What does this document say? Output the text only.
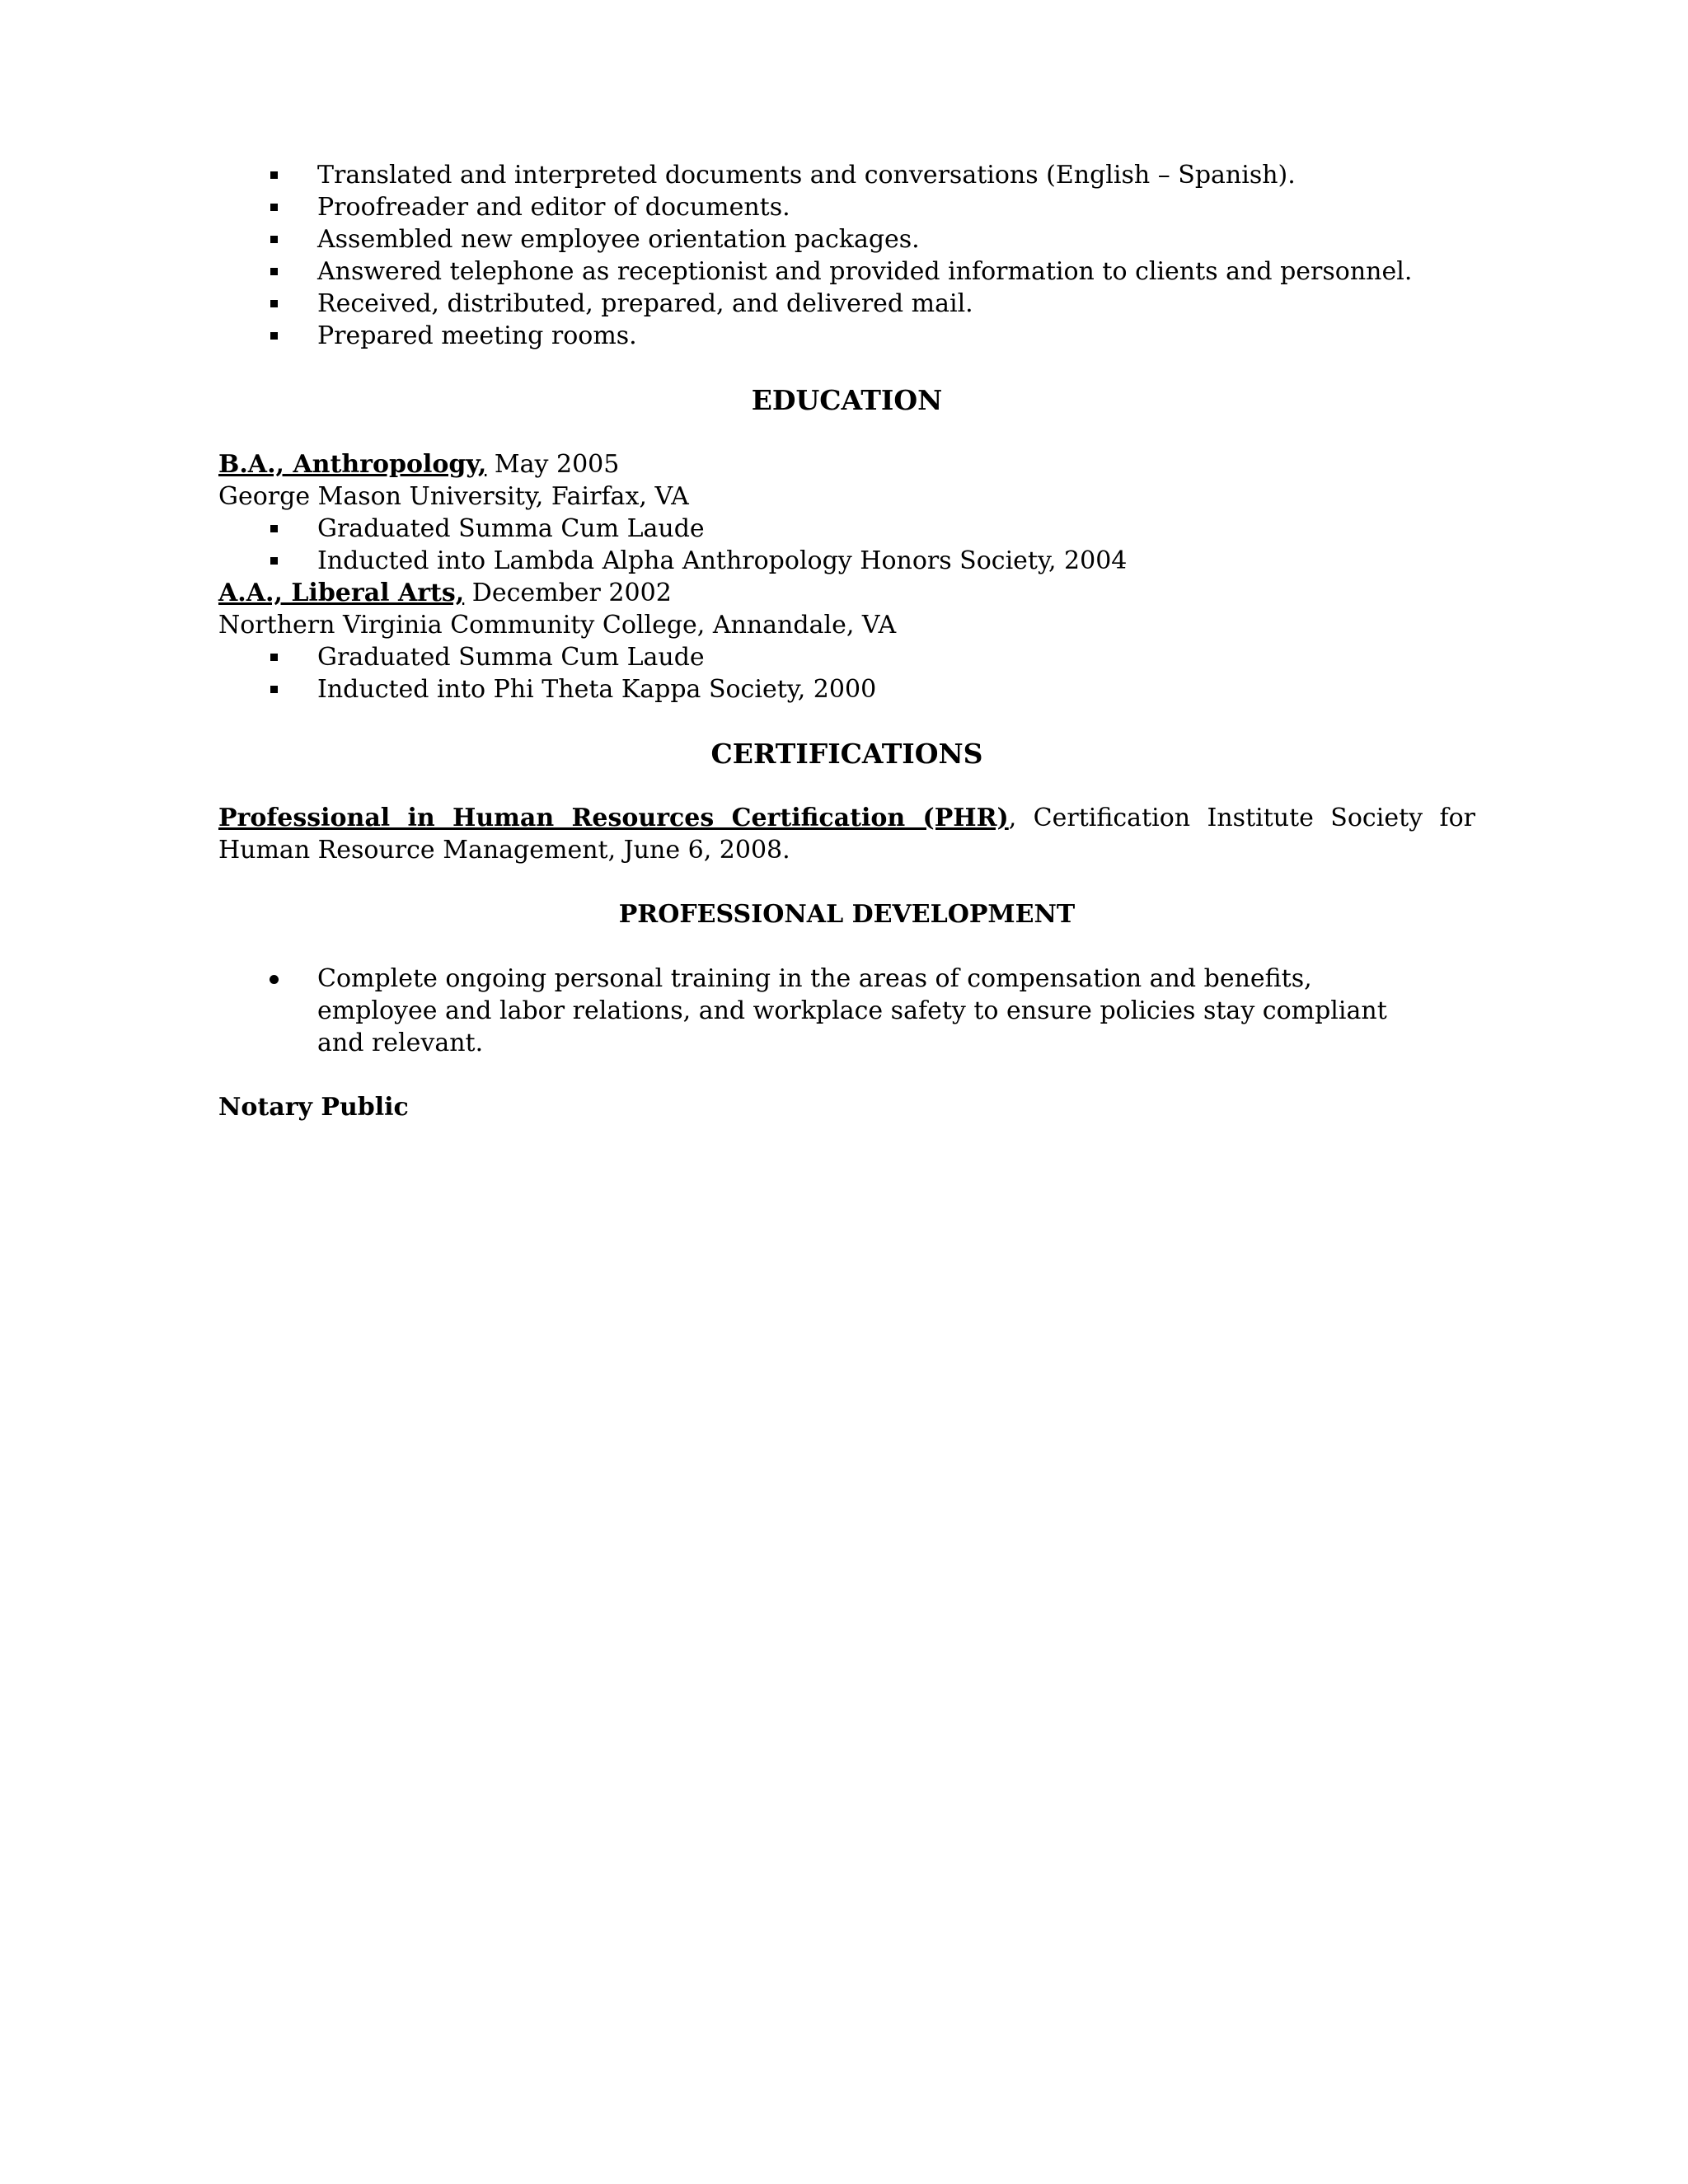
Translated and interpreted documents and conversations (English – Spanish).
Proofreader and editor of documents.
Assembled new employee orientation packages.
Answered telephone as receptionist and provided information to clients and personnel.
Received, distributed, prepared, and delivered mail.
Prepared meeting rooms.
EDUCATION
B.A., Anthropology, May 2005
George Mason University, Fairfax, VA
Graduated Summa Cum Laude
Inducted into Lambda Alpha Anthropology Honors Society, 2004
A.A., Liberal Arts, December 2002
Northern Virginia Community College, Annandale, VA
Graduated Summa Cum Laude
Inducted into Phi Theta Kappa Society, 2000
CERTIFICATIONS
Professional in Human Resources Certification (PHR), Certification Institute Society for Human Resource Management, June 6, 2008.
PROFESSIONAL DEVELOPMENT
Complete ongoing personal training in the areas of compensation and benefits, employee and labor relations, and workplace safety to ensure policies stay compliant and relevant.
Notary Public
